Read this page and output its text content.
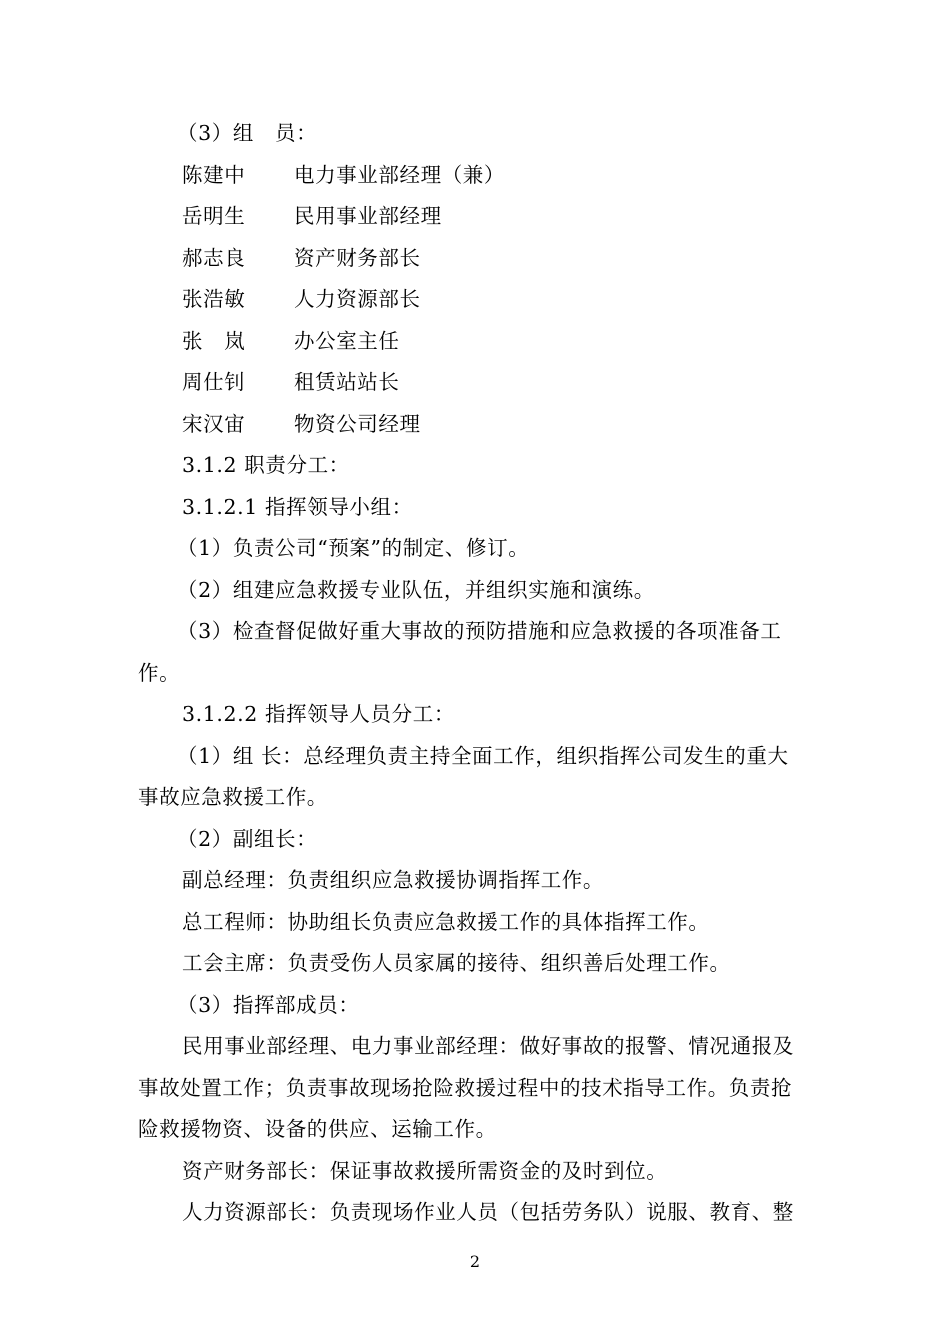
（3）组　员：
陈建中	电力事业部经理（兼）
岳明生	民用事业部经理
郝志良	资产财务部长
张浩敏	人力资源部长
张　岚	办公室主任
周仕钊	租赁站站长
宋汉宙	物资公司经理
3.1.2 职责分工：
3.1.2.1 指挥领导小组：
（1）负责公司“预案”的制定、修订。
（2）组建应急救援专业队伍，并组织实施和演练。
（3）检查督促做好重大事故的预防措施和应急救援的各项准备工
作。
3.1.2.2 指挥领导人员分工：
（1）组 长：总经理负责主持全面工作，组织指挥公司发生的重大
事故应急救援工作。
（2）副组长：
副总经理：负责组织应急救援协调指挥工作。
总工程师：协助组长负责应急救援工作的具体指挥工作。
工会主席：负责受伤人员家属的接待、组织善后处理工作。
（3）指挥部成员：
民用事业部经理、电力事业部经理：做好事故的报警、情况通报及
事故处置工作；负责事故现场抢险救援过程中的技术指导工作。负责抢
险救援物资、设备的供应、运输工作。
资产财务部长：保证事故救援所需资金的及时到位。
人力资源部长：负责现场作业人员（包括劳务队）说服、教育、整
2
